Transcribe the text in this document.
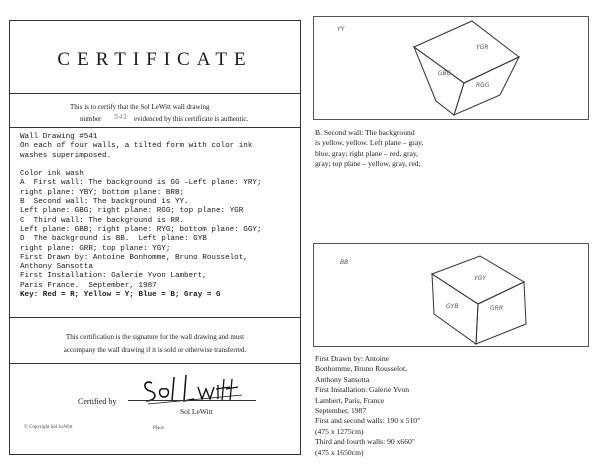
CERTIFICATE
This is to certify that the Sol LeWitt wall drawing
number 541 evidenced by this certificate is authentic.
Wall Drawing #541
On each of four walls, a tilted form with color ink
washes superimposed.

Color ink wash
A  First wall: The background is GG –Left plane: YRY;
right plane: YBY; bottom plane: BRB;
B  Second wall: The background is YY.
Left plane: GBG; right plane: RGG; top plane: YGR
C  Third wall: The background is RR.
Left plane: GBB; right plane: RYG; bottom plane: GGY;
D  The background is BB.  Left plane: GYB
right plane: GRR; top plane: YGY;
First Drawn by: Antoine Bonhomme, Bruno Rousselot,
Anthony Sansotta
First Installation: Galerie Yvon Lambert,
Paris France.  September, 1987
Key: Red = R; Yellow = Y; Blue = B; Gray = G
This certification is the signature for the wall drawing and must
accompany the wall drawing if it is sold or otherwise transferred.
Certified by
Sol LeWitt
© Copyright Sol LeWitt	Place
YY
YGR
GBG
RGG
B. Second wall: The background
is yellow, yellow. Left plane – gray,
blue, gray; right plane – red, gray,
gray; top plane – yellow, gray, red;
BB
YGY
GYB	GRR
First Drawn by: Antoine
Bonhomme, Bruno Rousselot,
Anthony Sansotta
First Installation: Galerie Yvon
Lambert, Paris, France
September, 1987
First and second walls: 190 x 510"
(475 x 1275cm)
Third and fourth walls: 90 x660"
(475 x 1650cm)
